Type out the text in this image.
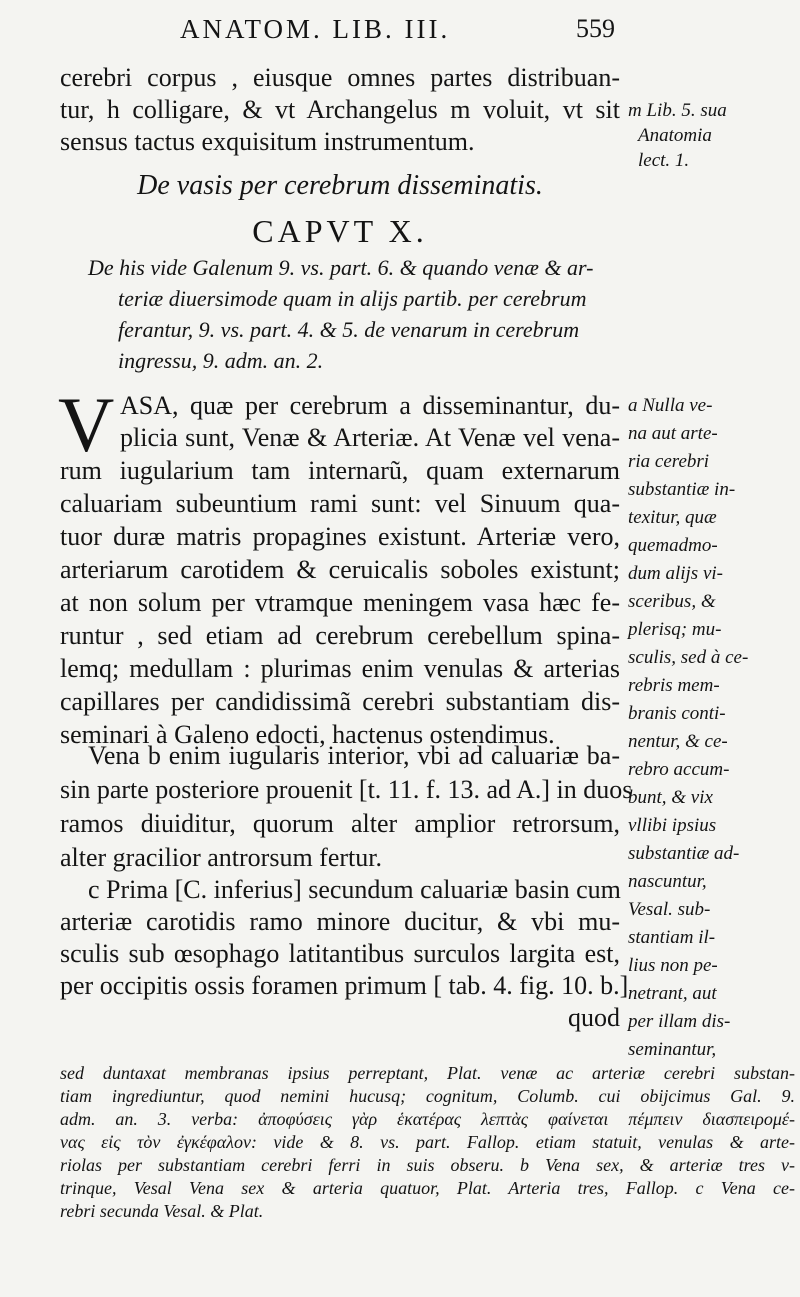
ANATOM. LIB. III.	559
cerebri corpus , eiusque omnes partes distribuan-
tur, h colligare, & vt Archangelus m voluit, vt sit
sensus tactus exquisitum instrumentum.
m Lib. 5. sua
Anatomia
lect. 1.
De vasis per cerebrum disseminatis.
CAPVT X.
De his vide Galenum 9. vs. part. 6. & quando venæ & ar-
teriæ diuersimode quam in alijs partib. per cerebrum
ferantur, 9. vs. part. 4. & 5. de venarum in cerebrum
ingressu, 9. adm. an. 2.
V ASA, quæ per cerebrum a disseminantur, du-
plicia sunt, Venæ & Arteriæ. At Venæ vel vena-
rum iugularium tam internarũ, quam externarum
caluariam subeuntium rami sunt: vel Sinuum qua-
tuor duræ matris propagines existunt. Arteriæ vero,
arteriarum carotidem & ceruicalis soboles existunt;
at non solum per vtramque meningem vasa hæc fe-
runtur , sed etiam ad cerebrum cerebellum spina-
lemq; medullam : plurimas enim venulas & arterias
capillares per candidissimã cerebri substantiam dis-
seminari à Galeno edocti, hactenus ostendimus.
Vena b enim iugularis interior, vbi ad caluariæ ba-
sin parte posteriore prouenit [t. 11. f. 13. ad A.] in duos
ramos diuiditur, quorum alter amplior retrorsum,
alter gracilior antrorsum fertur.
c Prima [C. inferius] secundum caluariæ basin cum
arteriæ carotidis ramo minore ducitur, & vbi mu-
sculis sub œsophago latitantibus surculos largita est,
per occipitis ossis foramen primum [ tab. 4. fig. 10. b.]
quod
a Nulla ve-
na aut arte-
ria cerebri
substantiæ in-
texitur, quæ
quemadmo-
dum alijs vi-
sceribus, &
plerisq; mu-
sculis, sed à ce-
rebris mem-
branis conti-
nentur, & ce-
rebro accum-
bunt, & vix
vllibi ipsius
substantiæ ad-
nascuntur,
Vesal. sub-
stantiam il-
lius non pe-
netrant, aut
per illam dis-
seminantur,
sed duntaxat membranas ipsius perreptant, Plat. venæ ac arteriæ cerebri substan-
tiam ingrediuntur, quod nemini hucusq; cognitum, Columb. cui obijcimus Gal. 9.
adm. an. 3. verba: ἀποφύσεις γὰρ ἑκατέρας λεπτὰς φαίνεται πέμπειν διασπειρομέ-
νας εἰς τὸν ἐγκέφαλον: vide & 8. vs. part. Fallop. etiam statuit, venulas & arte-
riolas per substantiam cerebri ferri in suis obseru. b Vena sex, & arteriæ tres v-
trinque, Vesal Vena sex & arteria quatuor, Plat. Arteria tres, Fallop. c Vena ce-
rebri secunda Vesal. & Plat.
